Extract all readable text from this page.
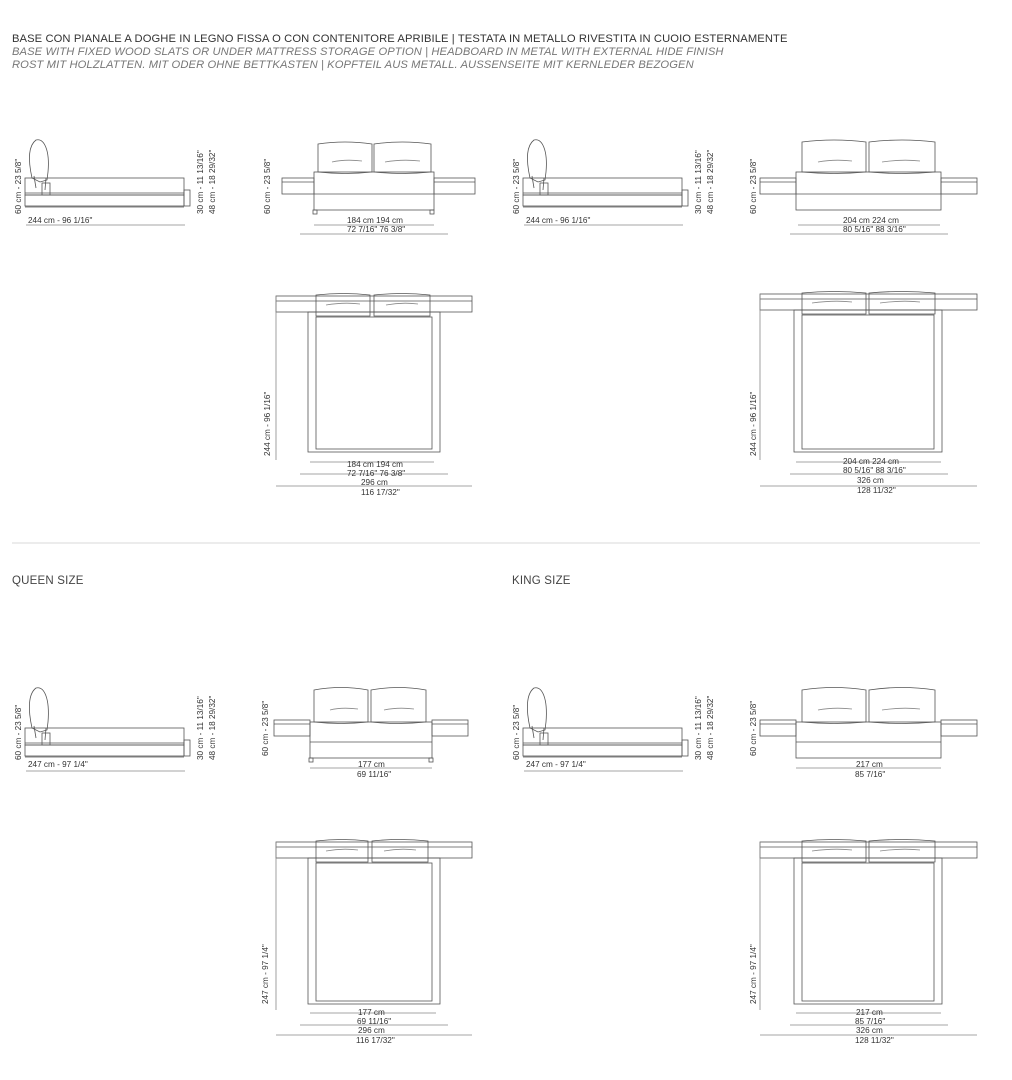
BASE CON PIANALE A DOGHE IN LEGNO FISSA O CON CONTENITORE APRIBILE | TESTATA IN METALLO RIVESTITA IN CUOIO ESTERNAMENTE
BASE WITH FIXED WOOD SLATS OR UNDER MATTRESS STORAGE OPTION | HEADBOARD IN METAL WITH EXTERNAL HIDE FINISH
ROST MIT HOLZLATTEN. MIT ODER OHNE BETTKASTEN | KOPFTEIL AUS METALL. AUSSENSEITE MIT KERNLEDER BEZOGEN
QUEEN SIZE	KING SIZE
60 cm - 23 5/8"	30 cm - 11 13/16" 48 cm - 18 29/32"
244 cm - 96 1/16"
60 cm - 23 5/8"
184 cm 194 cm
72 7/16" 76 3/8"
244 cm - 96 1/16"
184 cm 194 cm
72 7/16" 76 3/8"
296 cm
116 17/32"
60 cm - 23 5/8"	30 cm - 11 13/16" 48 cm - 18 29/32"
244 cm - 96 1/16"
60 cm - 23 5/8"
204 cm 224 cm
80 5/16" 88 3/16"
244 cm - 96 1/16"
204 cm 224 cm
80 5/16" 88 3/16"
326 cm
128 11/32"
60 cm - 23 5/8"	30 cm - 11 13/16" 48 cm - 18 29/32"
247 cm - 97 1/4"
60 cm - 23 5/8"
177 cm
69 11/16"
247 cm - 97 1/4"
177 cm
69 11/16"
296 cm
116 17/32"
60 cm - 23 5/8"	30 cm - 11 13/16" 48 cm - 18 29/32"
247 cm - 97 1/4"
60 cm - 23 5/8"
217 cm
85 7/16"
247 cm - 97 1/4"
217 cm
85 7/16"
326 cm
128 11/32"
